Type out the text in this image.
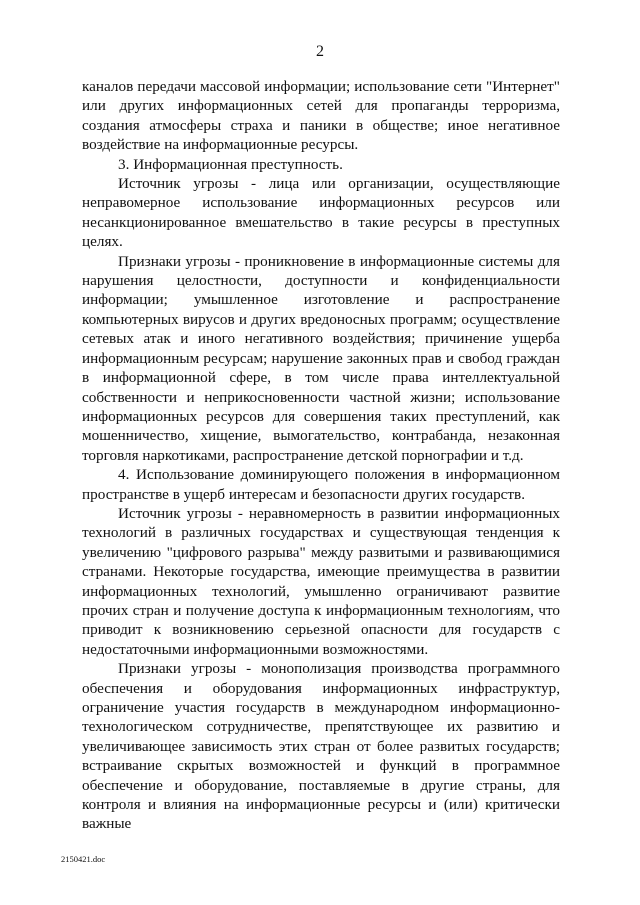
2

каналов передачи массовой информации; использование сети "Интернет" или других информационных сетей для пропаганды терроризма, создания атмосферы страха и паники в обществе; иное негативное воздействие на информационные ресурсы.

3. Информационная преступность.

Источник угрозы - лица или организации, осуществляющие неправомерное использование информационных ресурсов или несанкционированное вмешательство в такие ресурсы в преступных целях.

Признаки угрозы - проникновение в информационные системы для нарушения целостности, доступности и конфиденциальности информации; умышленное изготовление и распространение компьютерных вирусов и других вредоносных программ; осуществление сетевых атак и иного негативного воздействия; причинение ущерба информационным ресурсам; нарушение законных прав и свобод граждан в информационной сфере, в том числе права интеллектуальной собственности и неприкосновенности частной жизни; использование информационных ресурсов для совершения таких преступлений, как мошенничество, хищение, вымогательство, контрабанда, незаконная торговля наркотиками, распространение детской порнографии и т.д.

4. Использование доминирующего положения в информационном пространстве в ущерб интересам и безопасности других государств.

Источник угрозы - неравномерность в развитии информационных технологий в различных государствах и существующая тенденция к увеличению "цифрового разрыва" между развитыми и развивающимися странами. Некоторые государства, имеющие преимущества в развитии информационных технологий, умышленно ограничивают развитие прочих стран и получение доступа к информационным технологиям, что приводит к возникновению серьезной опасности для государств с недостаточными информационными возможностями.

Признаки угрозы - монополизация производства программного обеспечения и оборудования информационных инфраструктур, ограничение участия государств в международном информационно-технологическом сотрудничестве, препятствующее их развитию и увеличивающее зависимость этих стран от более развитых государств; встраивание скрытых возможностей и функций в программное обеспечение и оборудование, поставляемые в другие страны, для контроля и влияния на информационные ресурсы и (или) критически важные

2150421.doc
